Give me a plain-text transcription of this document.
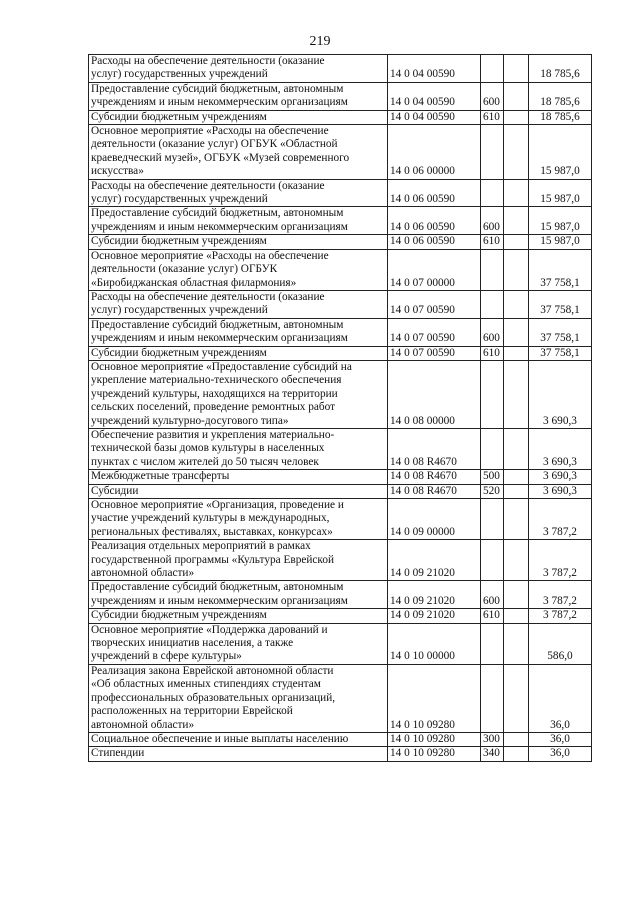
219
Расходы на обеспечение деятельности (оказание
услуг) государственных учреждений	14 0 04 00590			18 785,6

Предоставление субсидий бюджетным, автономным
учреждениям и иным некоммерческим организациям	14 0 04 00590	600		18 785,6

Субсидии бюджетным учреждениям	14 0 04 00590	610		18 785,6

Основное мероприятие «Расходы на обеспечение
деятельности (оказание услуг) ОГБУК «Областной
краеведческий музей», ОГБУК «Музей современного
искусства»	14 0 06 00000			15 987,0

Расходы на обеспечение деятельности (оказание
услуг) государственных учреждений	14 0 06 00590			15 987,0

Предоставление субсидий бюджетным, автономным
учреждениям и иным некоммерческим организациям	14 0 06 00590	600		15 987,0

Субсидии бюджетным учреждениям	14 0 06 00590	610		15 987,0

Основное мероприятие «Расходы на обеспечение
деятельности (оказание услуг) ОГБУК
«Биробиджанская областная филармония»	14 0 07 00000			37 758,1

Расходы на обеспечение деятельности (оказание
услуг) государственных учреждений	14 0 07 00590			37 758,1

Предоставление субсидий бюджетным, автономным
учреждениям и иным некоммерческим организациям	14 0 07 00590	600		37 758,1

Субсидии бюджетным учреждениям	14 0 07 00590	610		37 758,1

Основное мероприятие «Предоставление субсидий на
укрепление материально-технического обеспечения
учреждений культуры, находящихся на территории
сельских поселений, проведение ремонтных работ
учреждений культурно-досугового типа»	14 0 08 00000			3 690,3

Обеспечение развития и укрепления материально-
технической базы домов культуры в населенных
пунктах с числом жителей до 50 тысяч человек	14 0 08 R4670			3 690,3

Межбюджетные трансферты	14 0 08 R4670	500		3 690,3

Субсидии	14 0 08 R4670	520		3 690,3

Основное мероприятие «Организация, проведение и
участие учреждений культуры в международных,
региональных фестивалях, выставках, конкурсах»	14 0 09 00000			3 787,2

Реализация отдельных мероприятий в рамках
государственной программы «Культура Еврейской
автономной области»	14 0 09 21020			3 787,2

Предоставление субсидий бюджетным, автономным
учреждениям и иным некоммерческим организациям	14 0 09 21020	600		3 787,2

Субсидии бюджетным учреждениям	14 0 09 21020	610		3 787,2

Основное мероприятие «Поддержка дарований и
творческих инициатив населения, а также
учреждений в сфере культуры»	14 0 10 00000			586,0

Реализация закона Еврейской автономной области
«Об областных именных стипендиях студентам
профессиональных образовательных организаций,
расположенных на территории Еврейской
автономной области»	14 0 10 09280			36,0

Социальное обеспечение и иные выплаты населению	14 0 10 09280	300		36,0

Стипендии	14 0 10 09280	340		36,0
